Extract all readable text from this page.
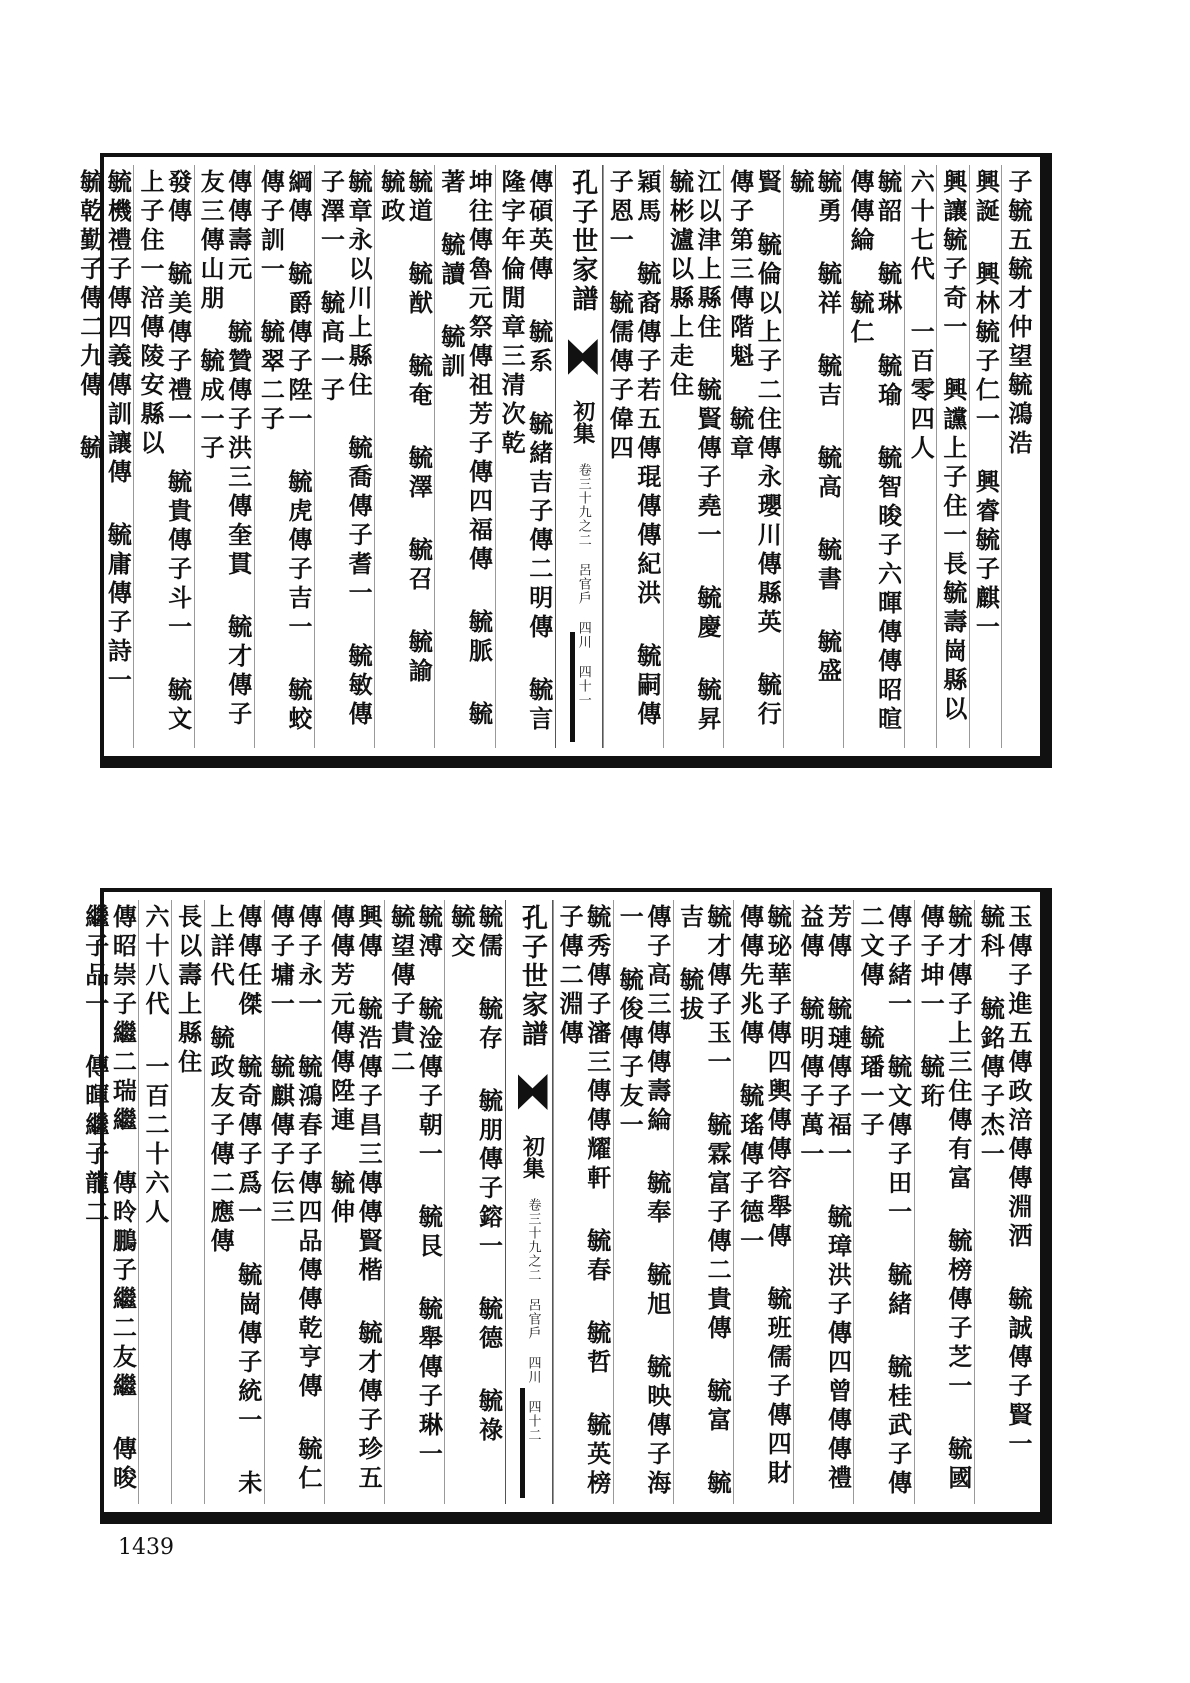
子毓五毓才仲望毓鴻浩
興誕 興林毓子仁一 興睿毓子麒一
興讓毓子奇一 興讜上子住一長毓壽崗縣以
六十七代 一百零四人
毓韶 毓琳 毓瑜 毓智晙子六暉傳傳昭暄傳傳綸 毓仁
毓勇 毓祥 毓吉 毓高 毓書 毓盛 毓
賢 毓倫以上子二住傳永瓔川傳縣英 毓行傳子第三傳階魁 毓章
江以津上縣住 毓賢傳子堯一 毓慶 毓昇 毓彬瀘以縣上走住
穎馬 毓裔傳子若五傳琨傳傳紀洪 毓嗣傳子恩一 毓儒傳子偉四
孔子世家譜  初集 卷三十九之二 呂官戶 四川 四十一
傳碩英傳 毓系 毓緒吉子傳二明傳 毓言隆字年倫閒章三清次乾
坤往傳魯元祭傳祖芳子傳四福傳 毓脈 毓著 毓讀 毓訓
毓道 毓猷 毓奄 毓澤 毓召 毓諭 毓政
毓章永以川上縣住 毓喬傳子耆一 毓敏傳子澤一 毓高一子
綱傳 毓爵傳子陞一 毓虎傳子吉一 毓蛟傳子訓一 毓翠二子
傳傳壽元 毓贊傳子洪三傳奎貫 毓才傳子友三傳山朋 毓成一子
發傳 毓美傳子禮一 毓貴傳子斗一 毓文上子住一涪傳陵安縣以
毓機禮子傳四義傳訓讓傳 毓庸傳子詩一 毓乾勤子傳二九傳 毓
玉傳子進五傳政涪傳傳淵洒 毓誠傳子賢一 毓科 毓銘傳子杰一
毓才傳子上三住傳有富 毓榜傳子芝一 毓國傳子坤一 毓珩
傳子緒一 毓文傳子田一 毓緒 毓桂武子傳二文傳 毓璠一子
芳傳 毓璉傳子福一 毓璋洪子傳四曾傳傳禮益傳 毓明傳子萬一
毓珌華子傳四輿傳傳容舉傳 毓班儒子傳四財傳傳先兆傳 毓瑤傳子德一
毓才傳子玉一 毓霖富子傳二貴傳 毓富 毓吉 毓拔
傳子高三傳傳壽綸 毓奉 毓旭 毓映傳子海一 毓俊傳子友一
毓秀傳子瀋三傳傳耀軒 毓春 毓哲 毓英榜子傳二淵傳
孔子世家譜  初集 卷三十九之二 呂官戶 四川 四十二
毓儒 毓存 毓朋傳子鎔一 毓德 毓祿 毓交
毓溥 毓淦傳子朝一 毓艮 毓舉傳子琳一 毓望傳子貴二
興傳 毓浩傳子昌三傳傳賢楷 毓才傳子珍五傳傳芳元傳傳陞連 毓伸
傳子永一 毓鴻春子傳四品傳傳乾亨傳 毓仁傳子墉一 毓麒傳子伝三
傳傳任傑 毓奇傳子爲一 毓崗傳子統一 未上詳代 毓政友子傳二應傳
長以壽上縣住
六十八代 一百二十六人
傳昭崇子繼二瑞繼 傳昤鵬子繼二友繼 傳晙繼子品一 傳暉繼子龍二
1439
